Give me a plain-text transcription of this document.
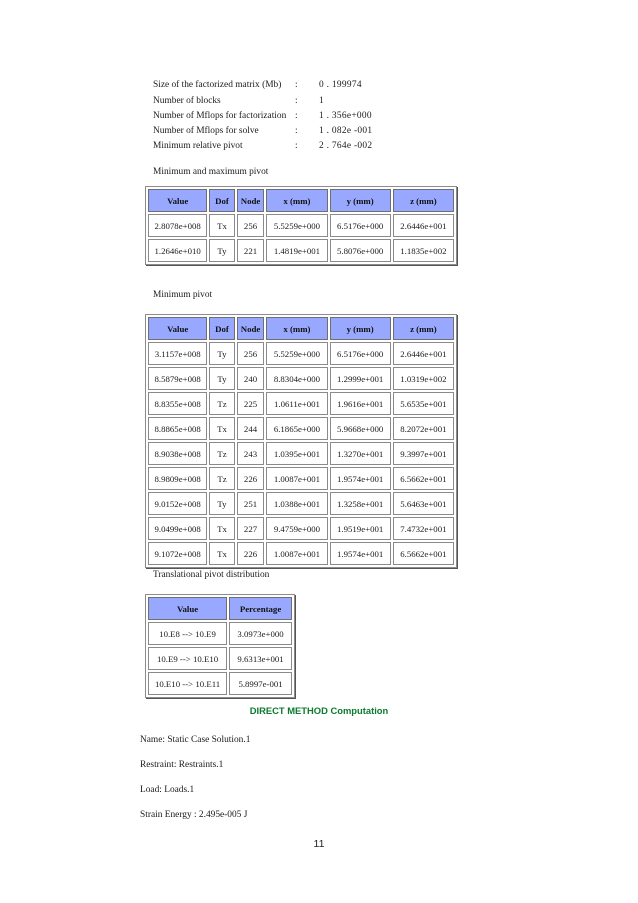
Size of the factorized matrix (Mb) : 0 . 199974
Number of blocks	: 1
Number of Mflops for factorization : 1 . 356e+000
Number of Mflops for solve	: 1 . 082e -001
Minimum relative pivot	: 2 . 764e -002
Minimum and maximum pivot
Value	Dof	Node	x (mm)	y (mm)	z (mm)
2.8078e+008	Tx	256	5.5259e+000	6.5176e+000	2.6446e+001
1.2646e+010	Ty	221	1.4819e+001	5.8076e+000	1.1835e+002
Minimum pivot
Value	Dof	Node	x (mm)	y (mm)	z (mm)
3.1157e+008	Ty	256	5.5259e+000	6.5176e+000	2.6446e+001
8.5879e+008	Ty	240	8.8304e+000	1.2999e+001	1.0319e+002
8.8355e+008	Tz	225	1.0611e+001	1.9616e+001	5.6535e+001
8.8865e+008	Tx	244	6.1865e+000	5.9668e+000	8.2072e+001
8.9038e+008	Tz	243	1.0395e+001	1.3270e+001	9.3997e+001
8.9809e+008	Tz	226	1.0087e+001	1.9574e+001	6.5662e+001
9.0152e+008	Ty	251	1.0388e+001	1.3258e+001	5.6463e+001
9.0499e+008	Tx	227	9.4759e+000	1.9519e+001	7.4732e+001
9.1072e+008	Tx	226	1.0087e+001	1.9574e+001	6.5662e+001
Translational pivot distribution
Value	Percentage
10.E8 --> 10.E9	3.0973e+000
10.E9 --> 10.E10	9.6313e+001
10.E10 --> 10.E11	5.8997e-001
DIRECT METHOD Computation
Name: Static Case Solution.1
Restraint: Restraints.1
Load: Loads.1
Strain Energy : 2.495e-005 J
11
